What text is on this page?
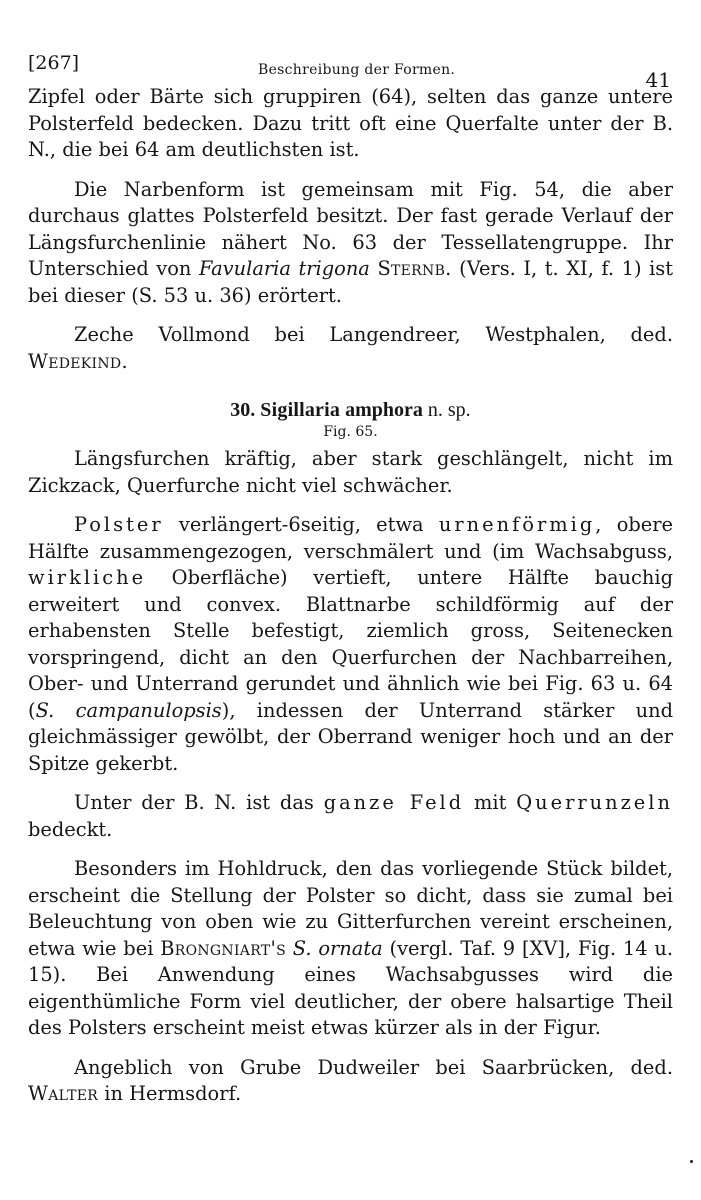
[267]	Beschreibung der Formen.	41

Zipfel oder Bärte sich gruppiren (64), selten das ganze untere Polsterfeld bedecken. Dazu tritt oft eine Querfalte unter der B. N., die bei 64 am deutlichsten ist.

Die Narbenform ist gemeinsam mit Fig. 54, die aber durchaus glattes Polsterfeld besitzt. Der fast gerade Verlauf der Längsfurchenlinie nähert No. 63 der Tessellatengruppe. Ihr Unterschied von Favularia trigona Sternb. (Vers. I, t. XI, f. 1) ist bei dieser (S. 53 u. 36) erörtert.

Zeche Vollmond bei Langendreer, Westphalen, ded. Wedekind.

30. Sigillaria amphora n. sp.
Fig. 65.

Längsfurchen kräftig, aber stark geschlängelt, nicht im Zickzack, Querfurche nicht viel schwächer.

Polster verlängert-6seitig, etwa urnenförmig, obere Hälfte zusammengezogen, verschmälert und (im Wachsabguss, wirkliche Oberfläche) vertieft, untere Hälfte bauchig erweitert und convex. Blattnarbe schildförmig auf der erhabensten Stelle befestigt, ziemlich gross, Seitenecken vorspringend, dicht an den Querfurchen der Nachbarreihen, Ober- und Unterrand gerundet und ähnlich wie bei Fig. 63 u. 64 (S. campanulopsis), indessen der Unterrand stärker und gleichmässiger gewölbt, der Oberrand weniger hoch und an der Spitze gekerbt.

Unter der B. N. ist das ganze Feld mit Querrunzeln bedeckt.

Besonders im Hohldruck, den das vorliegende Stück bildet, erscheint die Stellung der Polster so dicht, dass sie zumal bei Beleuchtung von oben wie zu Gitterfurchen vereint erscheinen, etwa wie bei Brongniart's S. ornata (vergl. Taf. 9 [XV], Fig. 14 u. 15). Bei Anwendung eines Wachsabgusses wird die eigenthümliche Form viel deutlicher, der obere halsartige Theil des Polsters erscheint meist etwas kürzer als in der Figur.

Angeblich von Grube Dudweiler bei Saarbrücken, ded. Walter in Hermsdorf.
